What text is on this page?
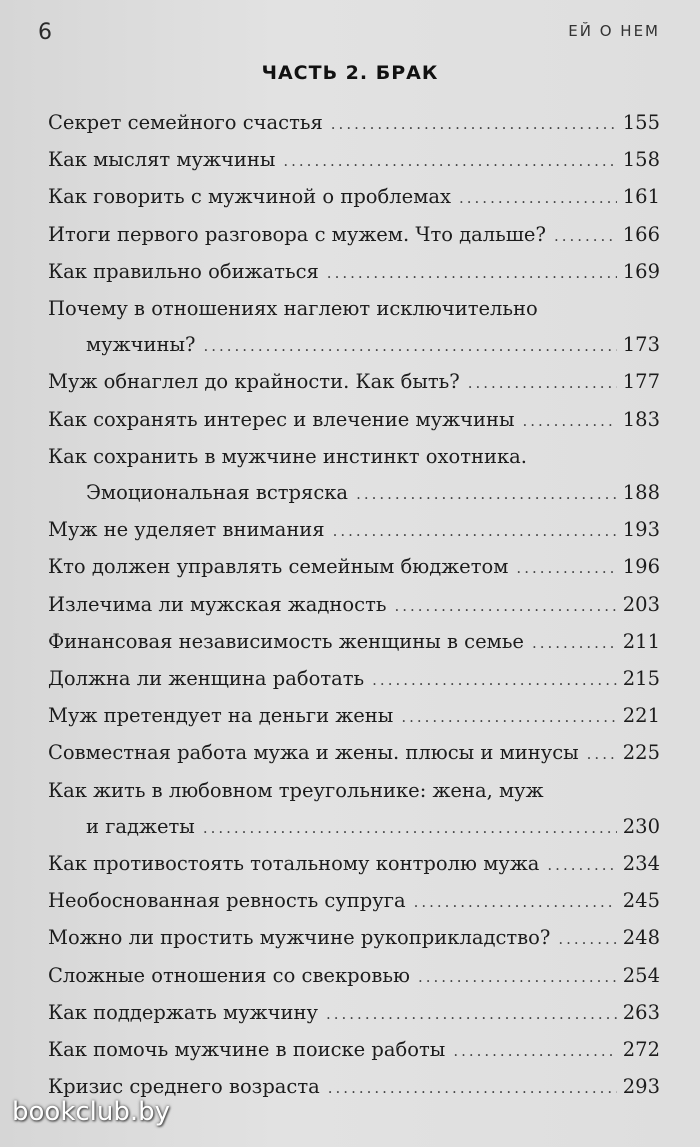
6	ЕЙ О НЕМ
ЧАСТЬ 2. БРАК
Секрет семейного счастья .....	155
Как мыслят мужчины .....	158
Как говорить с мужчиной о проблемах .....	161
Итоги первого разговора с мужем. Что дальше? .....	166
Как правильно обижаться .....	169
Почему в отношениях наглеют исключительно
мужчины? .....	173
Муж обнаглел до крайности. Как быть? .....	177
Как сохранять интерес и влечение мужчины .....	183
Как сохранить в мужчине инстинкт охотника.
Эмоциональная встряска .....	188
Муж не уделяет внимания .....	193
Кто должен управлять семейным бюджетом .....	196
Излечима ли мужская жадность .....	203
Финансовая независимость женщины в семье .....	211
Должна ли женщина работать .....	215
Муж претендует на деньги жены .....	221
Совместная работа мужа и жены. плюсы и минусы ..... 225
Как жить в любовном треугольнике: жена, муж
и гаджеты .....	230
Как противостоять тотальному контролю мужа .....	234
Необоснованная ревность супруга .....	245
Можно ли простить мужчине рукоприкладство? .....	248
Сложные отношения со свекровью .....	254
Как поддержать мужчину .....	263
Как помочь мужчине в поиске работы .....	272
Кризис среднего возраста .....	293
bookclub.by
